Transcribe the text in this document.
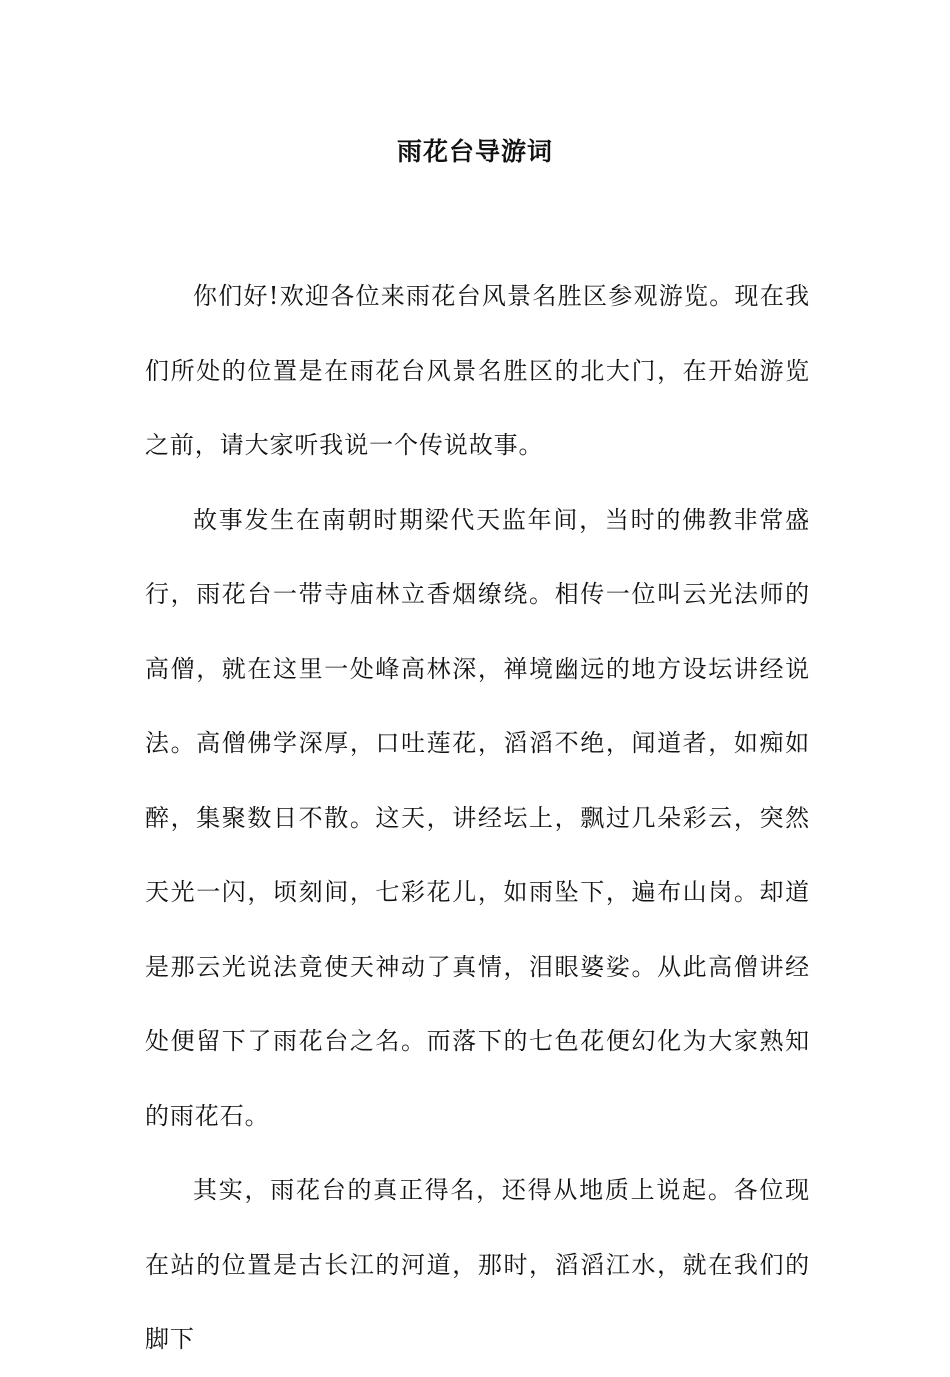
雨花台导游词

你们好!欢迎各位来雨花台风景名胜区参观游览。现在我们所处的位置是在雨花台风景名胜区的北大门，在开始游览之前，请大家听我说一个传说故事。

故事发生在南朝时期梁代天监年间，当时的佛教非常盛行，雨花台一带寺庙林立香烟缭绕。相传一位叫云光法师的高僧，就在这里一处峰高林深，禅境幽远的地方设坛讲经说法。高僧佛学深厚，口吐莲花，滔滔不绝，闻道者，如痴如醉，集聚数日不散。这天，讲经坛上，飘过几朵彩云，突然天光一闪，顷刻间，七彩花儿，如雨坠下，遍布山岗。却道是那云光说法竟使天神动了真情，泪眼婆娑。从此高僧讲经处便留下了雨花台之名。而落下的七色花便幻化为大家熟知的雨花石。

其实，雨花台的真正得名，还得从地质上说起。各位现在站的位置是古长江的河道，那时，滔滔江水，就在我们的脚下
